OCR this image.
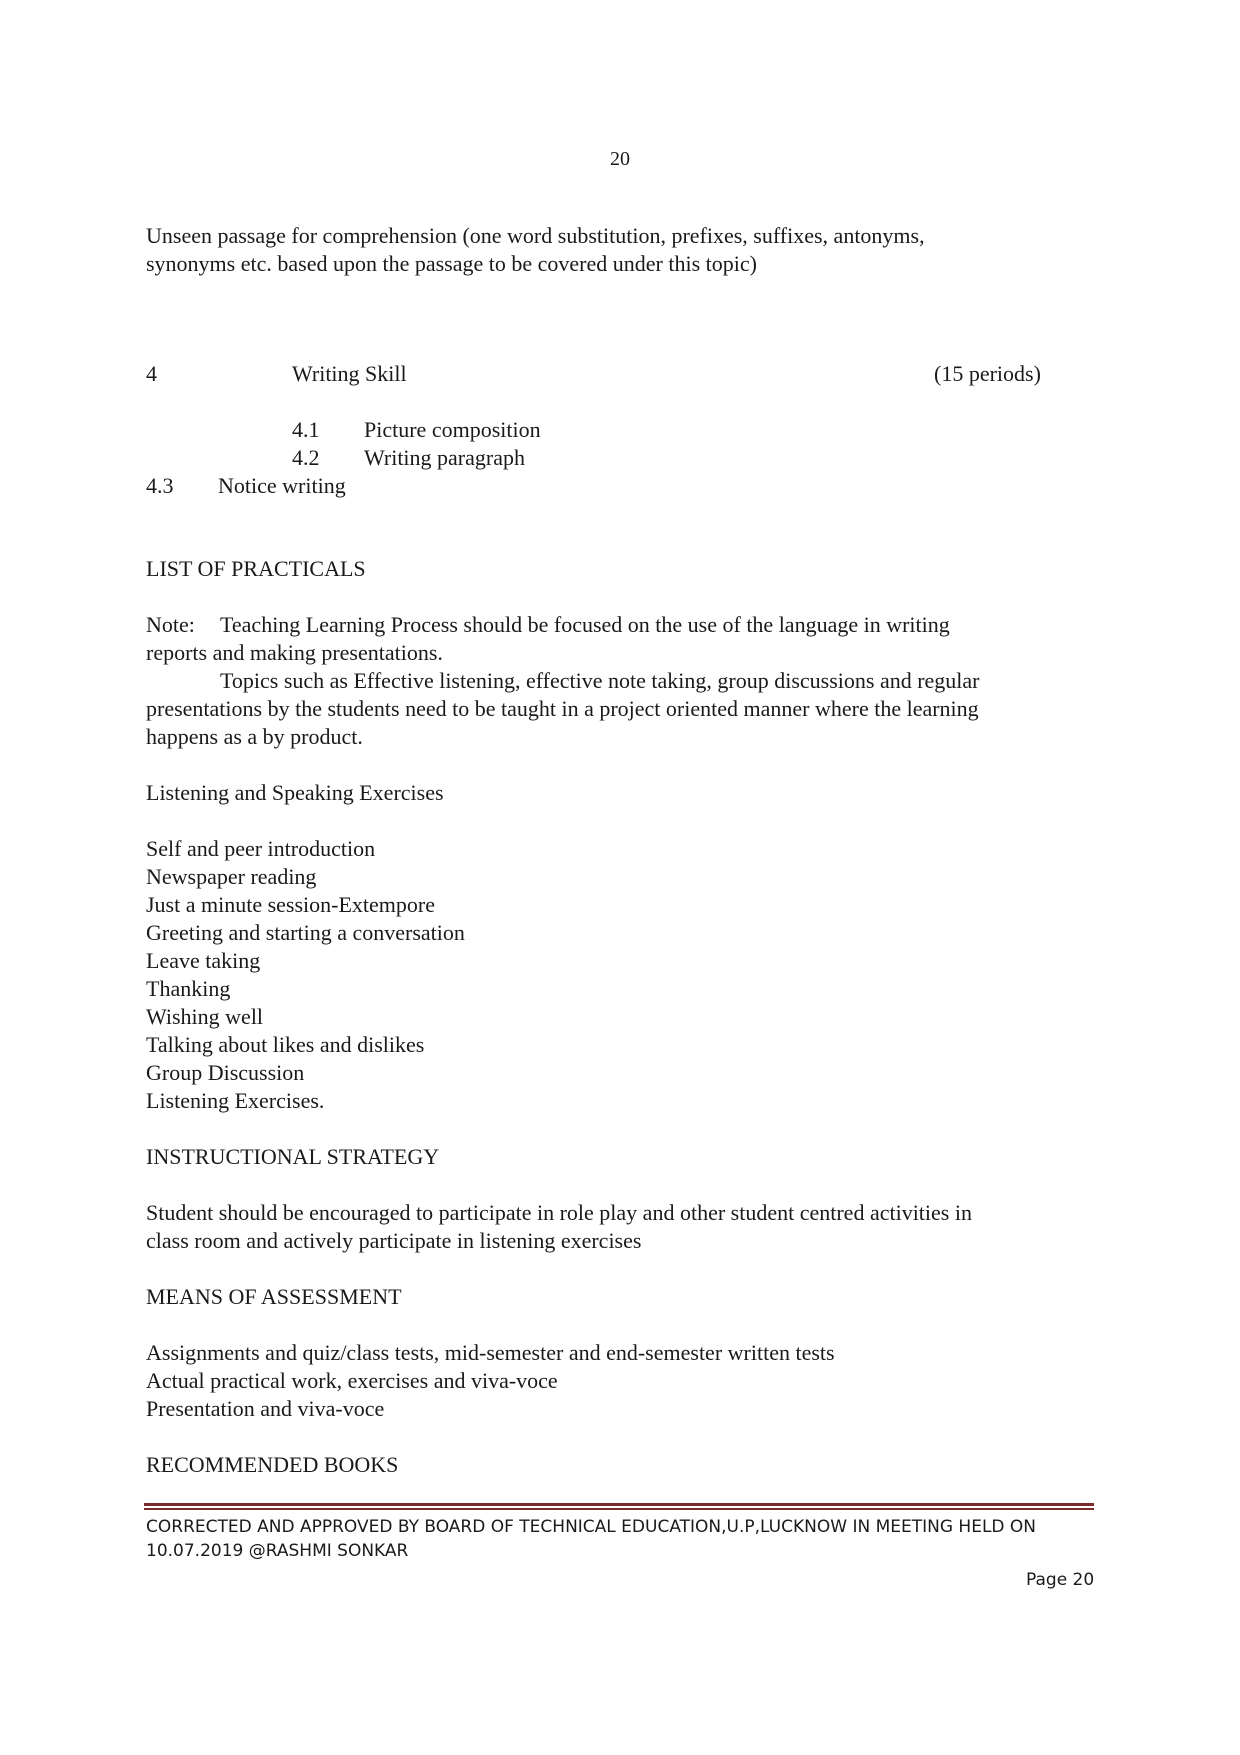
20
Unseen passage for comprehension (one word substitution, prefixes, suffixes, antonyms,
synonyms etc. based upon the passage to be covered under this topic)
4	Writing Skill	(15 periods)
4.1 Picture composition
4.2 Writing paragraph
4.3 Notice writing
LIST OF PRACTICALS
Note: Teaching Learning Process should be focused on the use of the language in writing
reports and making presentations.
Topics such as Effective listening, effective note taking, group discussions and regular
presentations by the students need to be taught in a project oriented manner where the learning
happens as a by product.
Listening and Speaking Exercises
Self and peer introduction
Newspaper reading
Just a minute session-Extempore
Greeting and starting a conversation
Leave taking
Thanking
Wishing well
Talking about likes and dislikes
Group Discussion
Listening Exercises.
INSTRUCTIONAL STRATEGY
Student should be encouraged to participate in role play and other student centred activities in
class room and actively participate in listening exercises
MEANS OF ASSESSMENT
Assignments and quiz/class tests, mid-semester and end-semester written tests
Actual practical work, exercises and viva-voce
Presentation and viva-voce
RECOMMENDED BOOKS
CORRECTED AND APPROVED BY BOARD OF TECHNICAL EDUCATION,U.P,LUCKNOW IN MEETING HELD ON
10.07.2019 @RASHMI SONKAR
Page 20
